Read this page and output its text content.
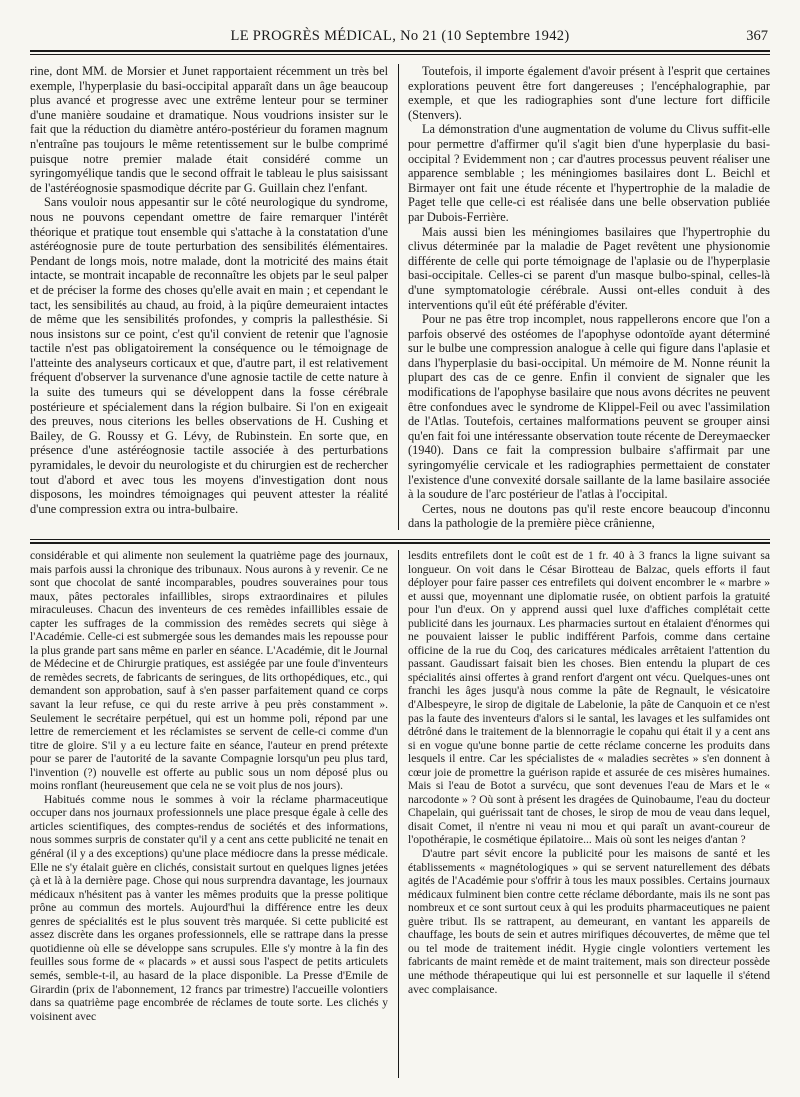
LE PROGRÈS MÉDICAL, No 21 (10 Septembre 1942)	367

rine, dont MM. de Morsier et Junet rapportaient récemment un très bel exemple, l'hyperplasie du basi-occipital apparaît dans un âge beaucoup plus avancé et progresse avec une extrême lenteur pour se terminer d'une manière soudaine et dramatique. Nous voudrions insister sur le fait que la réduction du diamètre antéro-postérieur du foramen magnum n'entraîne pas toujours le même retentissement sur le bulbe comprimé puisque notre premier malade était considéré comme un syringomyélique tandis que le second offrait le tableau le plus saisissant de l'astéréognosie spasmodique décrite par G. Guillain chez l'enfant.

Sans vouloir nous appesantir sur le côté neurologique du syndrome, nous ne pouvons cependant omettre de faire remarquer l'intérêt théorique et pratique tout ensemble qui s'attache à la constatation d'une astéréognosie pure de toute perturbation des sensibilités élémentaires. Pendant de longs mois, notre malade, dont la motricité des mains était intacte, se montrait incapable de reconnaître les objets par le seul palper et de préciser la forme des choses qu'elle avait en main ; et cependant le tact, les sensibilités au chaud, au froid, à la piqûre demeuraient intactes de même que les sensibilités profondes, y compris la pallesthésie. Si nous insistons sur ce point, c'est qu'il convient de retenir que l'agnosie tactile n'est pas obligatoirement la conséquence ou le témoignage de l'atteinte des analyseurs corticaux et que, d'autre part, il est relativement fréquent d'observer la survenance d'une agnosie tactile de cette nature à la suite des tumeurs qui se développent dans la fosse cérébrale postérieure et spécialement dans la région bulbaire. Si l'on en exigeait des preuves, nous citerions les belles observations de H. Cushing et Bailey, de G. Roussy et G. Lévy, de Rubinstein. En sorte que, en présence d'une astéréognosie tactile associée à des perturbations pyramidales, le devoir du neurologiste et du chirurgien est de rechercher tout d'abord et avec tous les moyens d'investigation dont nous disposons, les moindres témoignages qui peuvent attester la réalité d'une compression extra ou intra-bulbaire.

Toutefois, il importe également d'avoir présent à l'esprit que certaines explorations peuvent être fort dangereuses ; l'encéphalographie, par exemple, et que les radiographies sont d'une lecture fort difficile (Stenvers).

La démonstration d'une augmentation de volume du Clivus suffit-elle pour permettre d'affirmer qu'il s'agit bien d'une hyperplasie du basi-occipital ? Evidemment non ; car d'autres processus peuvent réaliser une apparence semblable ; les méningiomes basilaires dont L. Beichl et Birmayer ont fait une étude récente et l'hypertrophie de la maladie de Paget telle que celle-ci est réalisée dans une belle observation publiée par Dubois-Ferrière.

Mais aussi bien les méningiomes basilaires que l'hypertrophie du clivus déterminée par la maladie de Paget revêtent une physionomie différente de celle qui porte témoignage de l'aplasie ou de l'hyperplasie basi-occipitale. Celles-ci se parent d'un masque bulbo-spinal, celles-là d'une symptomatologie cérébrale. Aussi ont-elles conduit à des interventions qu'il eût été préférable d'éviter.

Pour ne pas être trop incomplet, nous rappellerons encore que l'on a parfois observé des ostéomes de l'apophyse odontoïde ayant déterminé sur le bulbe une compression analogue à celle qui figure dans l'aplasie et dans l'hyperplasie du basi-occipital. Un mémoire de M. Nonne réunit la plupart des cas de ce genre. Enfin il convient de signaler que les modifications de l'apophyse basilaire que nous avons décrites ne peuvent être confondues avec le syndrome de Klippel-Feil ou avec l'assimilation de l'Atlas. Toutefois, certaines malformations peuvent se grouper ainsi qu'en fait foi une intéressante observation toute récente de Dereymaecker (1940). Dans ce fait la compression bulbaire s'affirmait par une syringomyélie cervicale et les radiographies permettaient de constater l'existence d'une convexité dorsale saillante de la lame basilaire associée à la soudure de l'arc postérieur de l'atlas à l'occipital.

Certes, nous ne doutons pas qu'il reste encore beaucoup d'inconnu dans la pathologie de la première pièce crânienne,

considérable et qui alimente non seulement la quatrième page des journaux, mais parfois aussi la chronique des tribunaux. Nous aurons à y revenir. Ce ne sont que chocolat de santé incomparables, poudres souveraines pour tous maux, pâtes pectorales infaillibles, sirops extraordinaires et pilules miraculeuses. Chacun des inventeurs de ces remèdes infaillibles essaie de capter les suffrages de la commission des remèdes secrets qui siège à l'Académie. Celle-ci est submergée sous les demandes mais les repousse pour la plus grande part sans même en parler en séance. L'Académie, dit le Journal de Médecine et de Chirurgie pratiques, est assiégée par une foule d'inventeurs de remèdes secrets, de fabricants de seringues, de lits orthopédiques, etc., qui demandent son approbation, sauf à s'en passer parfaitement quand ce corps savant la leur refuse, ce qui du reste arrive à peu près constamment ». Seulement le secrétaire perpétuel, qui est un homme poli, répond par une lettre de remerciement et les réclamistes se servent de celle-ci comme d'un titre de gloire. S'il y a eu lecture faite en séance, l'auteur en prend prétexte pour se parer de l'autorité de la savante Compagnie lorsqu'un peu plus tard, l'invention (?) nouvelle est offerte au public sous un nom déposé plus ou moins ronflant (heureusement que cela ne se voit plus de nos jours).

Habitués comme nous le sommes à voir la réclame pharmaceutique occuper dans nos journaux professionnels une place presque égale à celle des articles scientifiques, des comptes-rendus de sociétés et des informations, nous sommes surpris de constater qu'il y a cent ans cette publicité ne tenait en général (il y a des exceptions) qu'une place médiocre dans la presse médicale. Elle ne s'y étalait guère en clichés, consistait surtout en quelques lignes jetées çà et là à la dernière page. Chose qui nous surprendra davantage, les journaux médicaux n'hésitent pas à vanter les mêmes produits que la presse politique prône au commun des mortels. Aujourd'hui la différence entre les deux genres de spécialités est le plus souvent très marquée. Si cette publicité est assez discrète dans les organes professionnels, elle se rattrape dans la presse quotidienne où elle se développe sans scrupules. Elle s'y montre à la fin des feuilles sous forme de « placards » et aussi sous l'aspect de petits articulets semés, semble-t-il, au hasard de la place disponible. La Presse d'Emile de Girardin (prix de l'abonnement, 12 francs par trimestre) l'accueille volontiers dans sa quatrième page encombrée de réclames de toute sorte. Les clichés y voisinent avec

lesdits entrefilets dont le coût est de 1 fr. 40 à 3 francs la ligne suivant sa longueur. On voit dans le César Birotteau de Balzac, quels efforts il faut déployer pour faire passer ces entrefilets qui doivent encombrer le « marbre » et aussi que, moyennant une diplomatie rusée, on obtient parfois la gratuité pour l'un d'eux. On y apprend aussi quel luxe d'affiches complétait cette publicité dans les journaux. Les pharmacies surtout en étalaient d'énormes qui ne pouvaient laisser le public indifférent Parfois, comme dans certaine officine de la rue du Coq, des caricatures médicales arrêtaient l'attention du passant. Gaudissart faisait bien les choses. Bien entendu la plupart de ces spécialités ainsi offertes à grand renfort d'argent ont vécu. Quelques-unes ont franchi les âges jusqu'à nous comme la pâte de Regnault, le vésicatoire d'Albespeyre, le sirop de digitale de Labelonie, la pâte de Canquoin et ce n'est pas la faute des inventeurs d'alors si le santal, les lavages et les sulfamides ont détrôné dans le traitement de la blennorragie le copahu qui était il y a cent ans si en vogue qu'une bonne partie de cette réclame concerne les produits dans lesquels il entre. Car les spécialistes de « maladies secrètes » s'en donnent à cœur joie de promettre la guérison rapide et assurée de ces misères humaines. Mais si l'eau de Botot a survécu, que sont devenues l'eau de Mars et le « narcodonte » ? Où sont à présent les dragées de Quinobaume, l'eau du docteur Chapelain, qui guérissait tant de choses, le sirop de mou de veau dans lequel, disait Comet, il n'entre ni veau ni mou et qui paraît un avant-coureur de l'opothérapie, le cosmétique épilatoire... Mais où sont les neiges d'antan ?

D'autre part sévit encore la publicité pour les maisons de santé et les établissements « magnétologiques » qui se servent naturellement des débats agités de l'Académie pour s'offrir à tous les maux possibles. Certains journaux médicaux fulminent bien contre cette réclame débordante, mais ils ne sont pas nombreux et ce sont surtout ceux à qui les produits pharmaceutiques ne paient guère tribut. Ils se rattrapent, au demeurant, en vantant les appareils de chauffage, les bouts de sein et autres mirifiques découvertes, de même que tel ou tel mode de traitement inédit. Hygie cingle volontiers vertement les fabricants de maint remède et de maint traitement, mais son directeur possède une méthode thérapeutique qui lui est personnelle et sur laquelle il s'étend avec complaisance.
